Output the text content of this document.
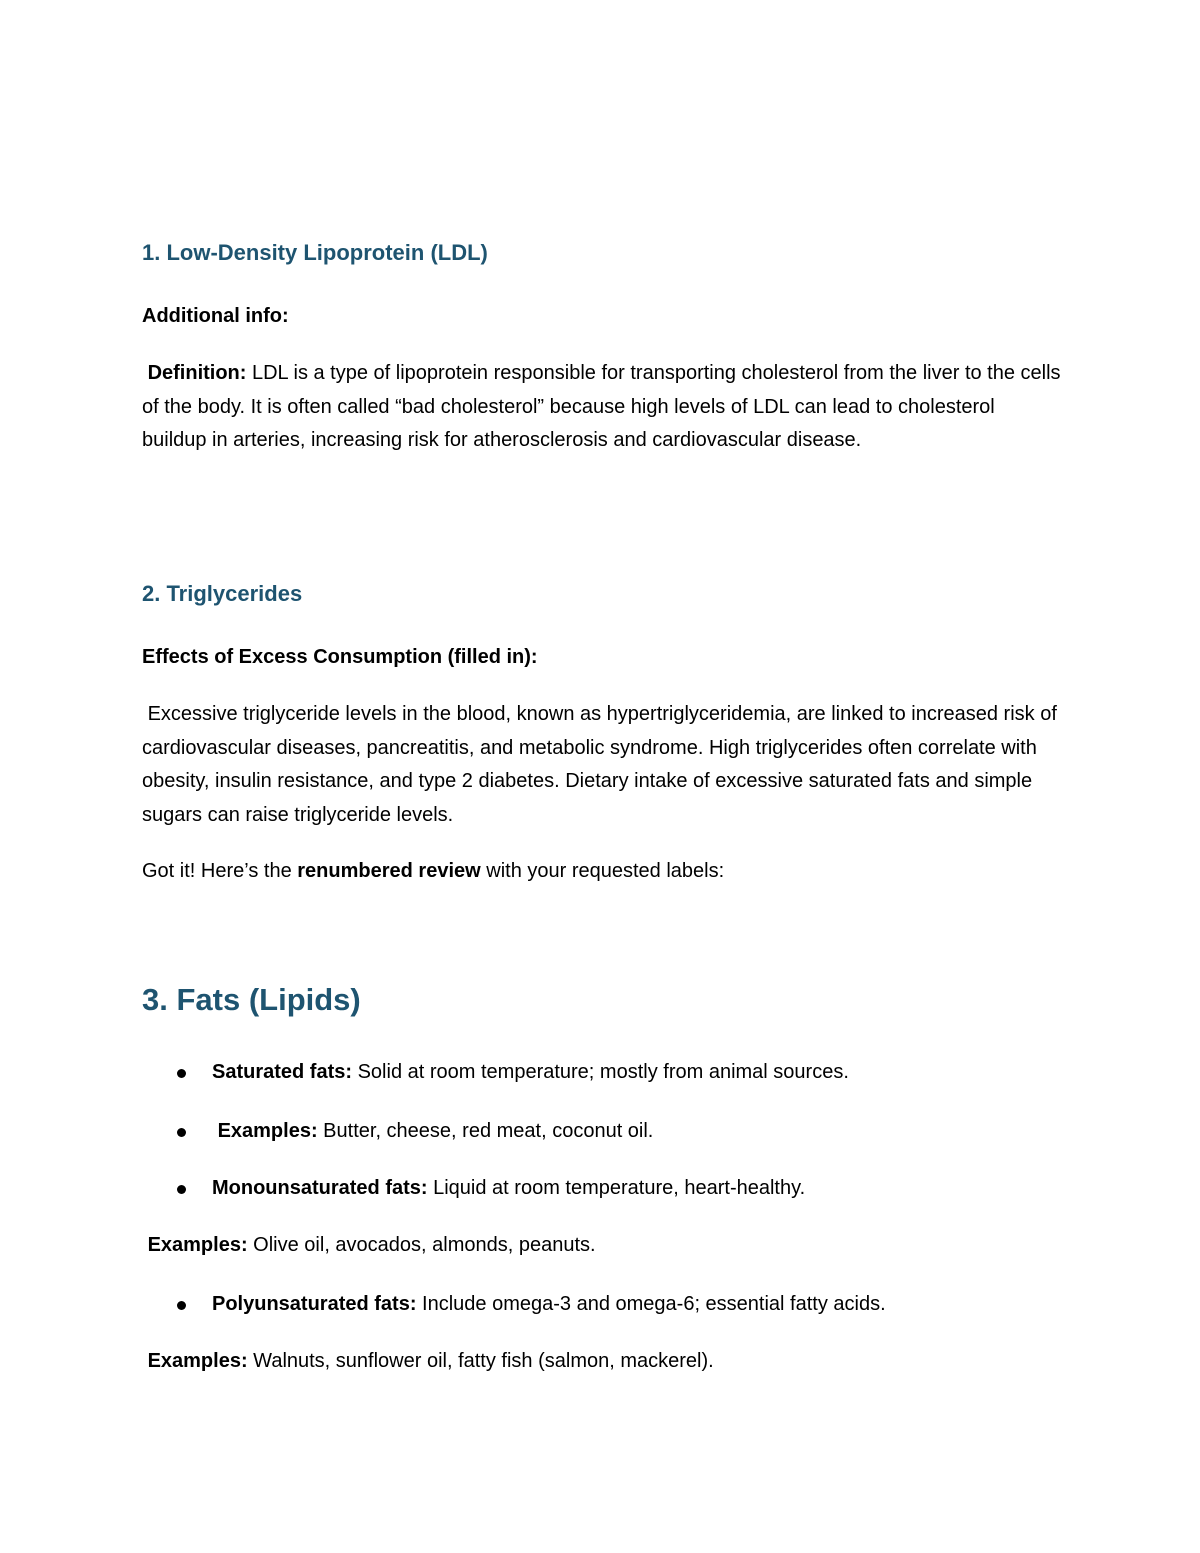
1. Low-Density Lipoprotein (LDL)
Additional info:

Definition: LDL is a type of lipoprotein responsible for transporting cholesterol from the liver to the cells of the body. It is often called “bad cholesterol” because high levels of LDL can lead to cholesterol buildup in arteries, increasing risk for atherosclerosis and cardiovascular disease.

2. Triglycerides
Effects of Excess Consumption (filled in):

Excessive triglyceride levels in the blood, known as hypertriglyceridemia, are linked to increased risk of cardiovascular diseases, pancreatitis, and metabolic syndrome. High triglycerides often correlate with obesity, insulin resistance, and type 2 diabetes. Dietary intake of excessive saturated fats and simple sugars can raise triglyceride levels.

Got it! Here’s the renumbered review with your requested labels:

3. Fats (Lipids)

Saturated fats: Solid at room temperature; mostly from animal sources.

Examples: Butter, cheese, red meat, coconut oil.

Monounsaturated fats: Liquid at room temperature, heart-healthy.

Examples: Olive oil, avocados, almonds, peanuts.

Polyunsaturated fats: Include omega-3 and omega-6; essential fatty acids.

Examples: Walnuts, sunflower oil, fatty fish (salmon, mackerel).
